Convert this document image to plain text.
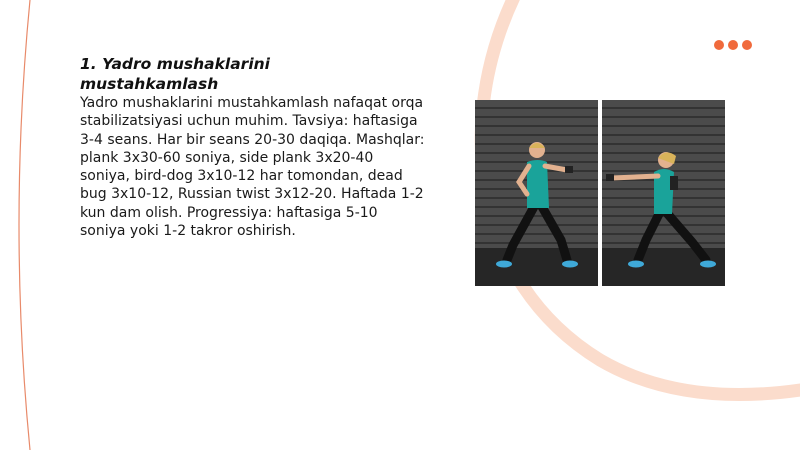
1. Yadro mushaklarini mustahkamlash

Yadro mushaklarini mustahkamlash nafaqat orqa stabilizatsiyasi uchun muhim. Tavsiya: haftasiga 3-4 seans. Har bir seans 20-30 daqiqa. Mashqlar: plank 3x30-60 soniya, side plank 3x20-40 soniya, bird-dog 3x10-12 har tomondan, dead bug 3x10-12, Russian twist 3x12-20. Haftada 1-2 kun dam olish. Progressiya: haftasiga 5-10 soniya yoki 1-2 takror oshirish.
